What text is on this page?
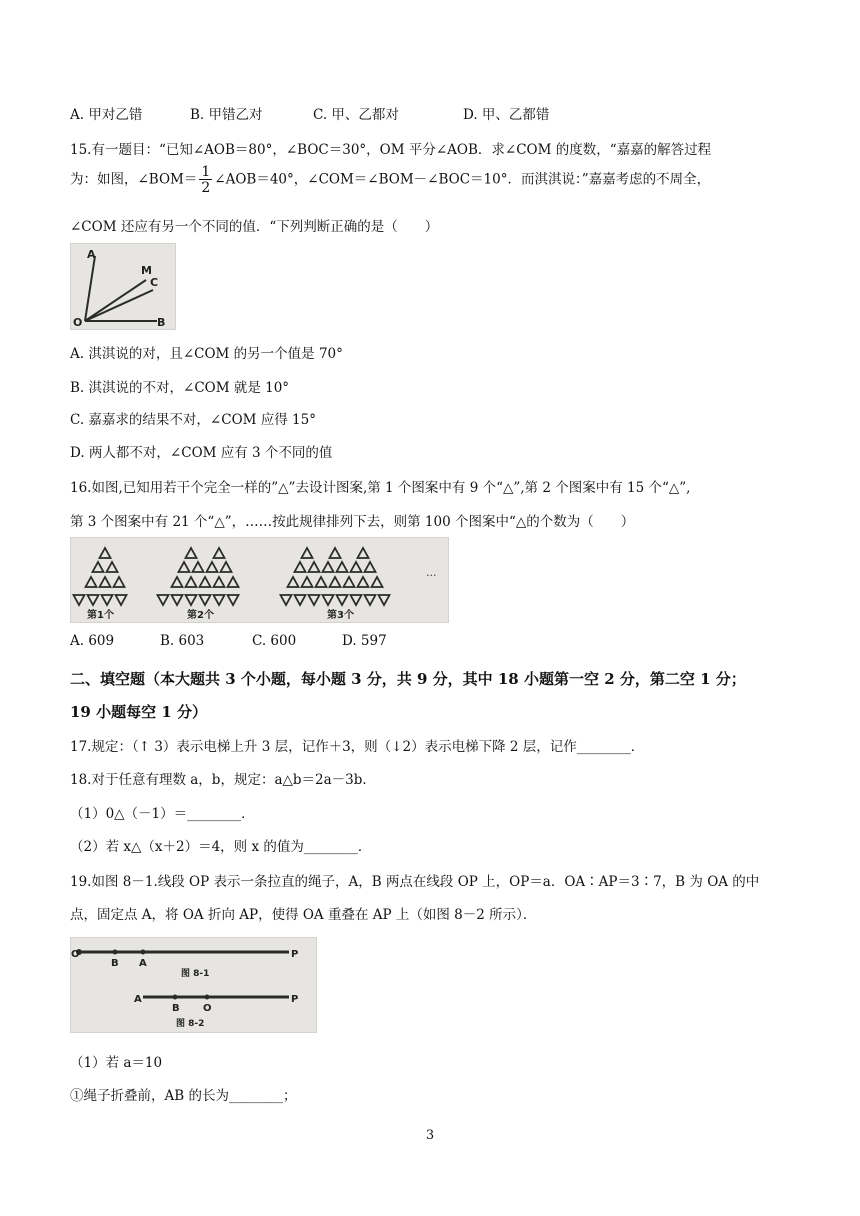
A. 甲对乙错	B. 甲错乙对	C. 甲、乙都对	D. 甲、乙都错
15.有一题目：“已知∠AOB＝80°，∠BOC＝30°，OM 平分∠AOB．求∠COM 的度数，“嘉嘉的解答过程
为：如图，∠BOM＝ $\frac{1}{2}$ ∠AOB＝40°，∠COM＝∠BOM－∠BOC＝10°．而淇淇说：”嘉嘉考虑的不周全，
∠COM 还应有另一个不同的值．“下列判断正确的是（　　）
A
M
C
O	B
A. 淇淇说的对，且∠COM 的另一个值是 70°
B. 淇淇说的不对，∠COM 就是 10°
C. 嘉嘉求的结果不对，∠COM 应得 15°
D. 两人都不对，∠COM 应有 3 个不同的值
16.如图,已知用若干个完全一样的”△”去设计图案,第 1 个图案中有 9 个“△”,第 2 个图案中有 15 个“△”,
第 3 个图案中有 21 个“△”，……按此规律排列下去，则第 100 个图案中“△的个数为（　　）
第1个	第2个	第3个
...
A. 609	B. 603	C. 600	D. 597
二、填空题（本大题共 3 个小题，每小题 3 分，共 9 分，其中 18 小题第一空 2 分，第二空 1 分；
19 小题每空 1 分）
17.规定：（↑ 3）表示电梯上升 3 层，记作＋3，则（↓2）表示电梯下降 2 层，记作________．
18.对于任意有理数 a，b，规定：a△b＝2a－3b．
（1）0△（－1）＝________．
（2）若 x△（x＋2）＝4，则 x 的值为________．
19.如图 8－1.线段 OP 表示一条拉直的绳子，A，B 两点在线段 OP 上，OP＝a．OA∶AP＝3∶7，B 为 OA 的中
点，固定点 A，将 OA 折向 AP，使得 OA 重叠在 AP 上（如图 8－2 所示）．
O
B A
P
图 8-1
A
B O
P
图 8-2
（1）若 a＝10
①绳子折叠前，AB 的长为________；
3
